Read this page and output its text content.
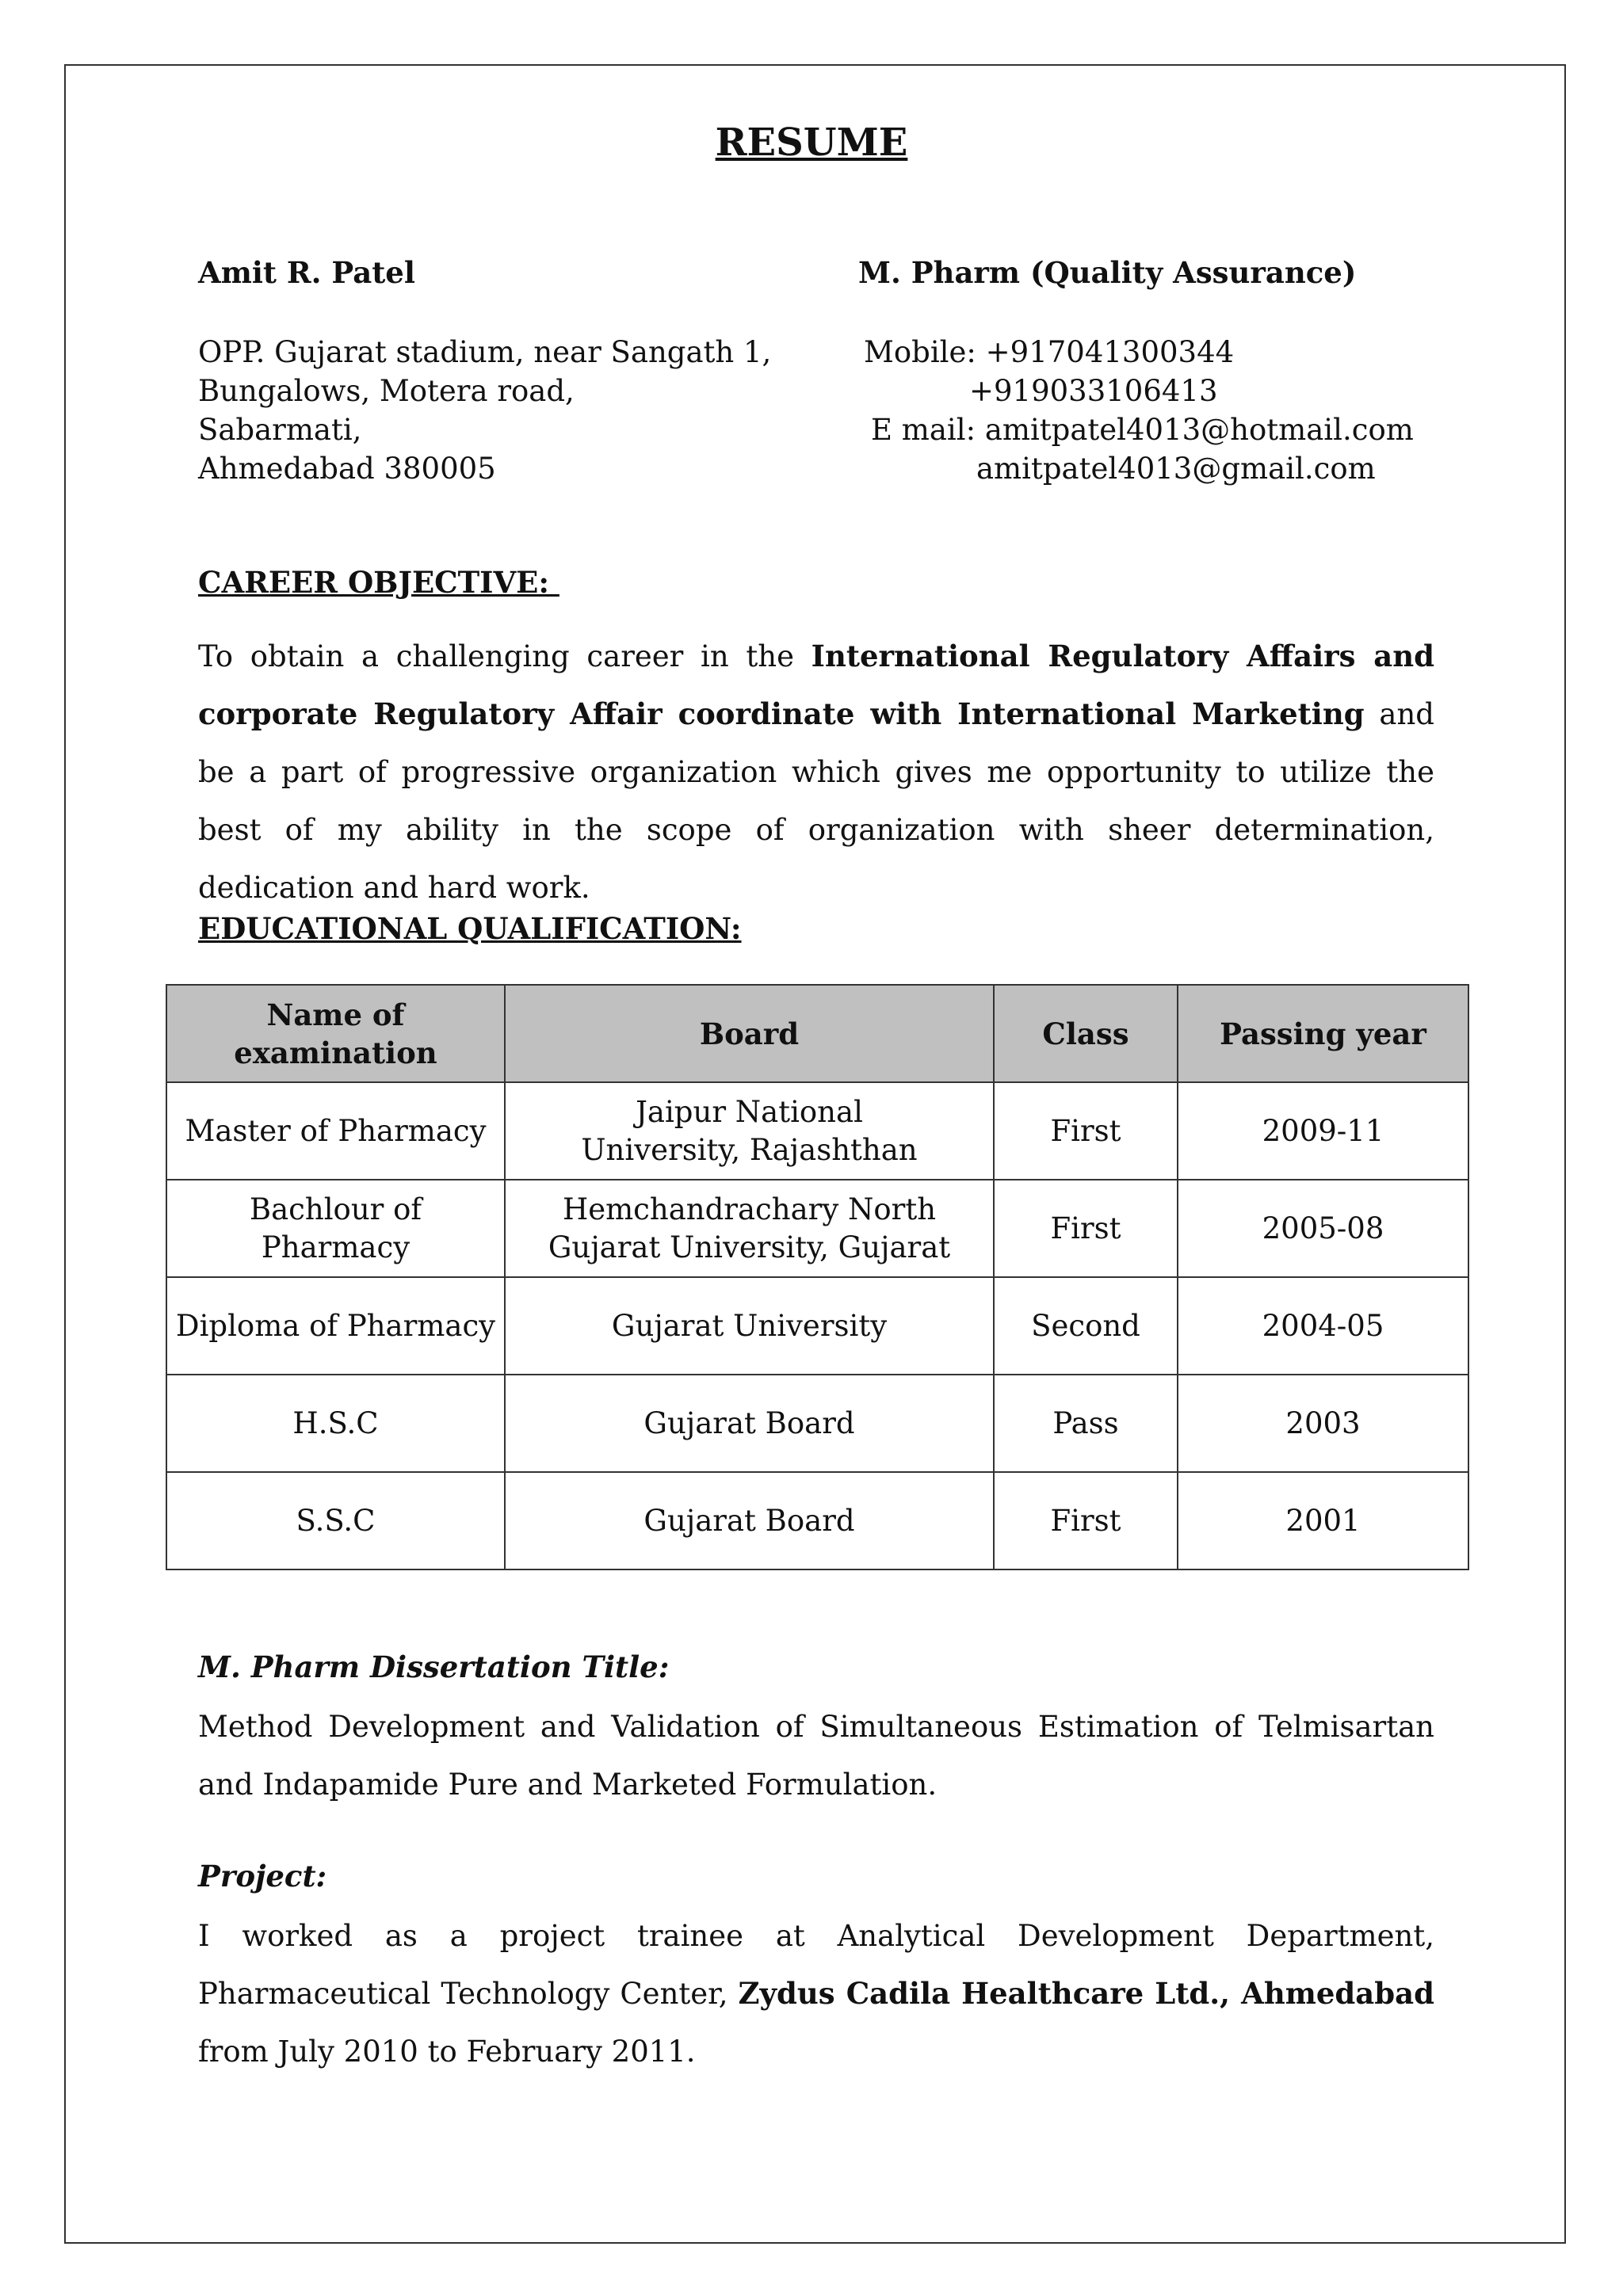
RESUME
Amit R. Patel	M. Pharm (Quality Assurance)
OPP. Gujarat stadium, near Sangath 1,
Bungalows, Motera road,
Sabarmati,
Ahmedabad 380005
Mobile: +917041300344
+919033106413
E mail: amitpatel4013@hotmail.com
amitpatel4013@gmail.com
CAREER OBJECTIVE:
To obtain a challenging career in the International Regulatory Affairs and corporate Regulatory Affair coordinate with International Marketing and be a part of progressive organization which gives me opportunity to utilize the best of my ability in the scope of organization with sheer determination, dedication and hard work.
EDUCATIONAL QUALIFICATION:
Name of examination	Board	Class	Passing year
Master of Pharmacy	Jaipur National University, Rajashthan	First	2009-11
Bachlour of Pharmacy	Hemchandrachary North Gujarat University, Gujarat	First	2005-08
Diploma of Pharmacy	Gujarat University	Second	2004-05
H.S.C	Gujarat Board	Pass	2003
S.S.C	Gujarat Board	First	2001
M. Pharm Dissertation Title:
Method Development and Validation of Simultaneous Estimation of Telmisartan and Indapamide Pure and Marketed Formulation.
Project:
I worked as a project trainee at Analytical Development Department, Pharmaceutical Technology Center, Zydus Cadila Healthcare Ltd., Ahmedabad from July 2010 to February 2011.
